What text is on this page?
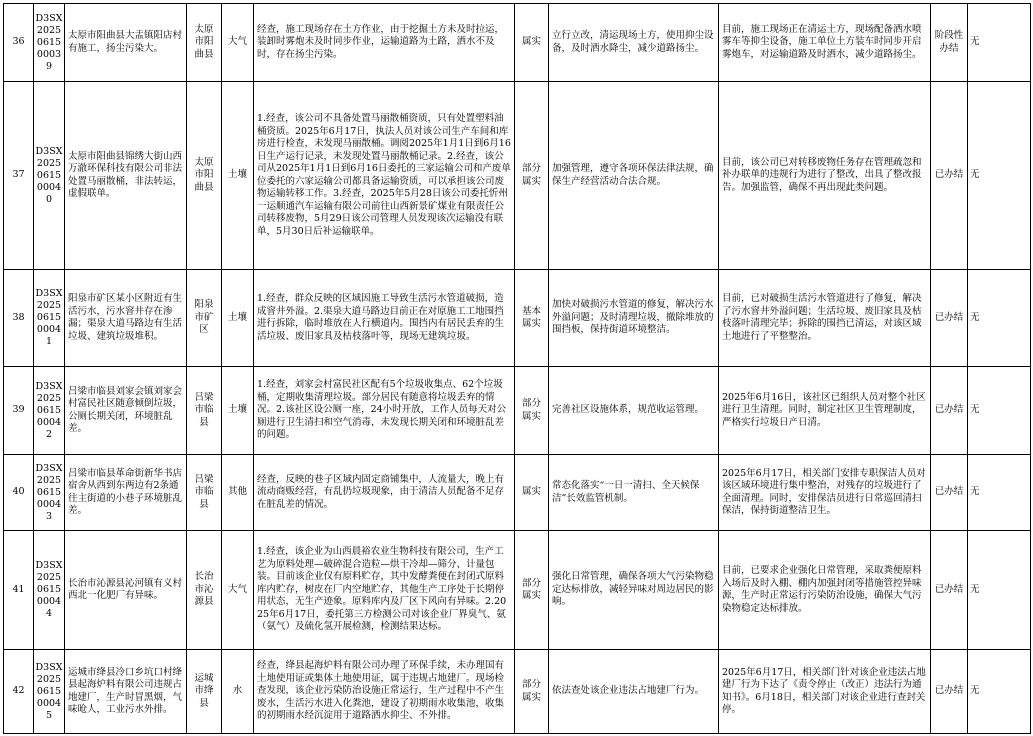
36	D3SX2025061500039	太原市阳曲县大盂镇阳店村有施工，扬尘污染大。	太原市阳曲县	大气	经查，施工现场存在土方作业，由于挖掘土方未及时拉运，装卸时雾炮未及时同步作业，运输道路为土路，洒水不及时，存在扬尘污染。	属实	立行立改，清运现场土方，使用抑尘设备，及时洒水降尘，减少道路扬尘。	目前，施工现场正在清运土方，现场配备洒水喷雾车等抑尘设备，施工单位土方装车时同步开启雾炮车，对运输道路及时洒水，减少道路扬尘。	阶段性办结	无
37	D3SX2025061500040	太原市阳曲县锦绣大街山西万澈环保科技有限公司非法处置马丽散桶，非法转运，虚假联单。	太原市阳曲县	土壤	1.经查，该公司不具备处置马丽散桶资质，只有处置塑料油桶资质。2025年6月17日，执法人员对该公司生产车间和库房进行检查，未发现马丽散桶。调阅2025年1月1日到6月16日生产运行记录，未发现处置马丽散桶记录。2.经查，该公司从2025年1月1日到6月16日委托的三家运输公司和产废单位委托的六家运输公司都具备运输资质，可以承担该公司废物运输转移工作。3.经查，2025年5月28日该公司委托忻州一运顺通汽车运输有限公司前往山西新景矿煤业有限责任公司转移废物，5月29日该公司管理人员发现该次运输没有联单，5月30日后补运输联单。	部分属实	加强管理，遵守各项环保法律法规，确保生产经营活动合法合规。	目前，该公司已对转移废物任务存在管理疏忽和补办联单的违规行为进行了整改，出具了整改报告。加强监管，确保不再出现此类问题。	已办结	无
38	D3SX2025061500041	阳泉市矿区某小区附近有生活污水，污水窨井存在渗漏；渠泉大道马路边有生活垃圾、建筑垃圾堆积。	阳泉市矿区	土壤	1.经查，群众反映的区域因施工导致生活污水管道破损，造成窨井外溢。2.渠泉大道马路边目前正在对原施工工地围挡进行拆除，临时堆放在人行横道内。围挡内有居民丢弃的生活垃圾、废旧家具及枯枝落叶等，现场无建筑垃圾。	基本属实	加快对破损污水管道的修复，解决污水外溢问题；及时清理垃圾，撤除堆放的围挡板，保持街道环境整洁。	目前，已对破损生活污水管道进行了修复，解决了污水窨井外溢问题；生活垃圾、废旧家具及枯枝落叶清理完毕；拆除的围挡已清运，对该区域土地进行了平整整治。	已办结	无
39	D3SX2025061500042	吕梁市临县刘家会镇刘家会村富民社区随意倾倒垃圾，公厕长期关闭，环境脏乱差。	吕梁市临县	土壤	1.经查，刘家会村富民社区配有5个垃圾收集点、62个垃圾桶，定期收集清理垃圾。部分居民有随意将垃圾丢弃的情况。2.该社区设公厕一座，24小时开放，工作人员每天对公厕进行卫生清扫和空气消毒，未发现长期关闭和环境脏乱差的问题。	部分属实	完善社区设施体系，规范收运管理。	2025年6月16日，该社区已组织人员对整个社区进行卫生清理。同时，制定社区卫生管理制度，严格实行垃圾日产日清。	已办结	无
40	D3SX2025061500043	吕梁市临县革命街新华书店宿舍从西到东两边有2条通往主街道的小巷子环境脏乱差。	吕梁市临县	其他	经查，反映的巷子区域内固定商铺集中，人流量大，晚上有流动商贩经营，有乱扔垃圾现象，由于清洁人员配备不足存在脏乱差的情况。	属实	常态化落实“一日一清扫、全天候保洁”长效监管机制。	2025年6月17日，相关部门安排专职保洁人员对该区域环境进行集中整治，对残存的垃圾进行了全面清理。同时，安排保洁员进行日常巡回清扫保洁，保持街道整洁卫生。	已办结	无
41	D3SX2025061500044	长治市沁源县沁河镇有义村西北一化肥厂有异味。	长治市沁源县	大气	1.经查，该企业为山西晨裕农业生物科技有限公司，生产工艺为原料处理—破碎混合造粒—烘干冷却—筛分、计量包装。目前该企业仅有原料贮存，其中发酵粪便在封闭式原料库内贮存，树皮在厂内空地贮存，其他生产工序处于长期停用状态，无生产迹象。原料库内及厂区下风向有异味。2.2025年6月17日，委托第三方检测公司对该企业厂界臭气、氨（氨气）及硫化氢开展检测，检测结果达标。	部分属实	强化日常管理，确保各项大气污染物稳定达标排放，减轻异味对周边居民的影响。	目前，已要求企业强化日常管理，采取粪便原料入场后及时入棚、棚内加强封闭等措施管控异味源，生产时正常运行污染防治设施，确保大气污染物稳定达标排放。	已办结	无
42	D3SX2025061500045	运城市绛县冷口乡坑口村绛县起海炉料有限公司违规占地建厂，生产时冒黑烟，气味呛人，工业污水外排。	运城市绛县	水	经查，绛县起海炉料有限公司办理了环保手续，未办理国有土地使用证或集体土地使用证，属于违规占地建厂。现场检查发现，该企业污染防治设施正常运行，生产过程中不产生废水，生活污水进入化粪池，建设了初期雨水收集池，收集的初期雨水经沉淀用于道路洒水抑尘、不外排。	部分属实	依法查处该企业违法占地建厂行为。	2025年6月17日，相关部门针对该企业违法占地建厂行为下达了《责令停止（改正）违法行为通知书》。6月18日，相关部门对该企业进行查封关停。	已办结	无
